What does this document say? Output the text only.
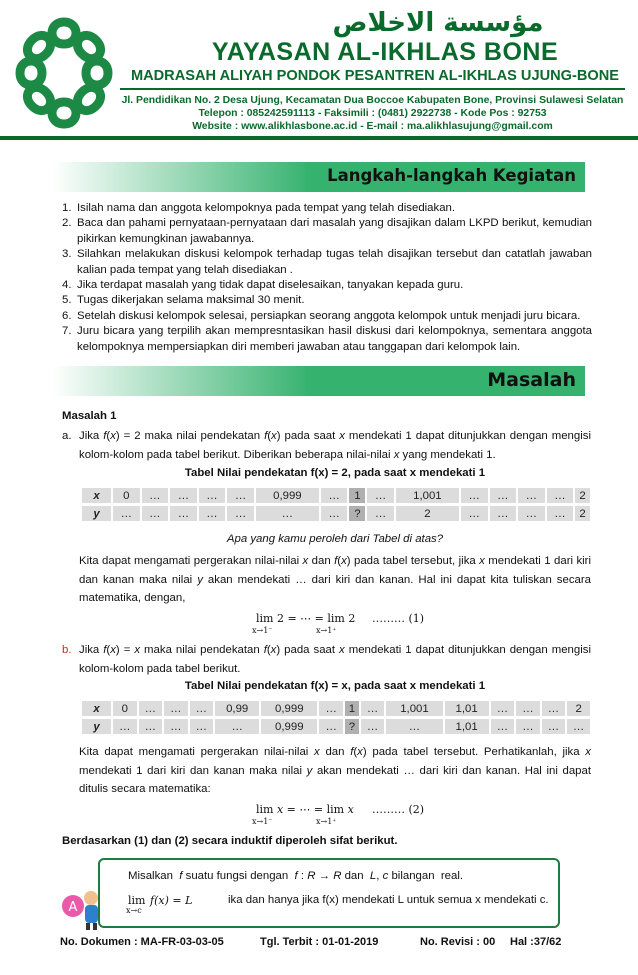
مؤسسة الاخلاص
YAYASAN AL-IKHLAS BONE
MADRASAH ALIYAH PONDOK PESANTREN AL-IKHLAS UJUNG-BONE
Jl. Pendidikan No. 2 Desa Ujung, Kecamatan Dua Boccoe Kabupaten Bone, Provinsi Sulawesi Selatan
Telepon : 085242591113 - Faksimili : (0481) 2922738 - Kode Pos : 92753
Website : www.alikhlasbone.ac.id - E-mail : ma.alikhlasujung@gmail.com
Langkah-langkah Kegiatan
1. Isilah nama dan anggota kelompoknya pada tempat yang telah disediakan.
2. Baca dan pahami pernyataan-pernyataan dari masalah yang disajikan dalam LKPD berikut, kemudian pikirkan kemungkinan jawabannya.
3. Silahkan melakukan diskusi kelompok terhadap tugas telah disajikan tersebut dan catatlah jawaban kalian pada tempat yang telah disediakan .
4. Jika terdapat masalah yang tidak dapat diselesaikan, tanyakan kepada guru.
5. Tugas dikerjakan selama maksimal 30 menit.
6. Setelah diskusi kelompok selesai, persiapkan seorang anggota kelompok untuk menjadi juru bicara.
7. Juru bicara yang terpilih akan mempresntasikan hasil diskusi dari kelompoknya, sementara anggota kelompoknya mempersiapkan diri memberi jawaban atau tanggapan dari kelompok lain.
Masalah
Masalah 1
a. Jika f(x) = 2 maka nilai pendekatan f(x) pada saat x mendekati 1 dapat ditunjukkan dengan mengisi kolom-kolom pada tabel berikut. Diberikan beberapa nilai-nilai x yang mendekati 1.
Tabel Nilai pendekatan f(x) = 2, pada saat x mendekati 1
x	0	…	…	…	…	0,999	…	1	…	1,001	…	…	…	…	2
y	…	…	…	…	…	…	…	?	…	2	…	…	…	…	2
Apa yang kamu peroleh dari Tabel di atas?
Kita dapat mengamati pergerakan nilai-nilai x dan f(x) pada tabel tersebut, jika x mendekati 1 dari kiri dan kanan maka nilai y akan mendekati … dari kiri dan kanan. Hal ini dapat kita tuliskan secara matematika, dengan,
lim 2 = ⋯ = lim 2
x→1⁻	x→1⁺
……… (1)
b. Jika f(x) = x maka nilai pendekatan f(x) pada saat x mendekati 1 dapat ditunjukkan dengan mengisi kolom-kolom pada tabel berikut.
Tabel Nilai pendekatan f(x) = x, pada saat x mendekati 1
x	0	…	…	…	0,99	0,999	…	1	…	1,001	1,01	…	…	…	2
y	…	…	…	…	…	0,999	…	?	…	…	1,01	…	…	…	…
Kita dapat mengamati pergerakan nilai-nilai x dan f(x) pada tabel tersebut. Perhatikanlah, jika x mendekati 1 dari kiri dan kanan maka nilai y akan mendekati … dari kiri dan kanan. Hal ini dapat ditulis secara matematika:
lim x = ⋯ = lim x
x→1⁻	x→1⁺
……… (2)
Berdasarkan (1) dan (2) secara induktif diperoleh sifat berikut.
A
Misalkan  f suatu fungsi dengan  f : R → R dan  L, c bilangan  real.
lim
x→c
f(x) = L	ika dan hanya jika f(x) mendekati L untuk semua x mendekati c.
No. Dokumen : MA-FR-03-03-05	Tgl. Terbit : 01-01-2019	No. Revisi : 00 Hal :37/62
